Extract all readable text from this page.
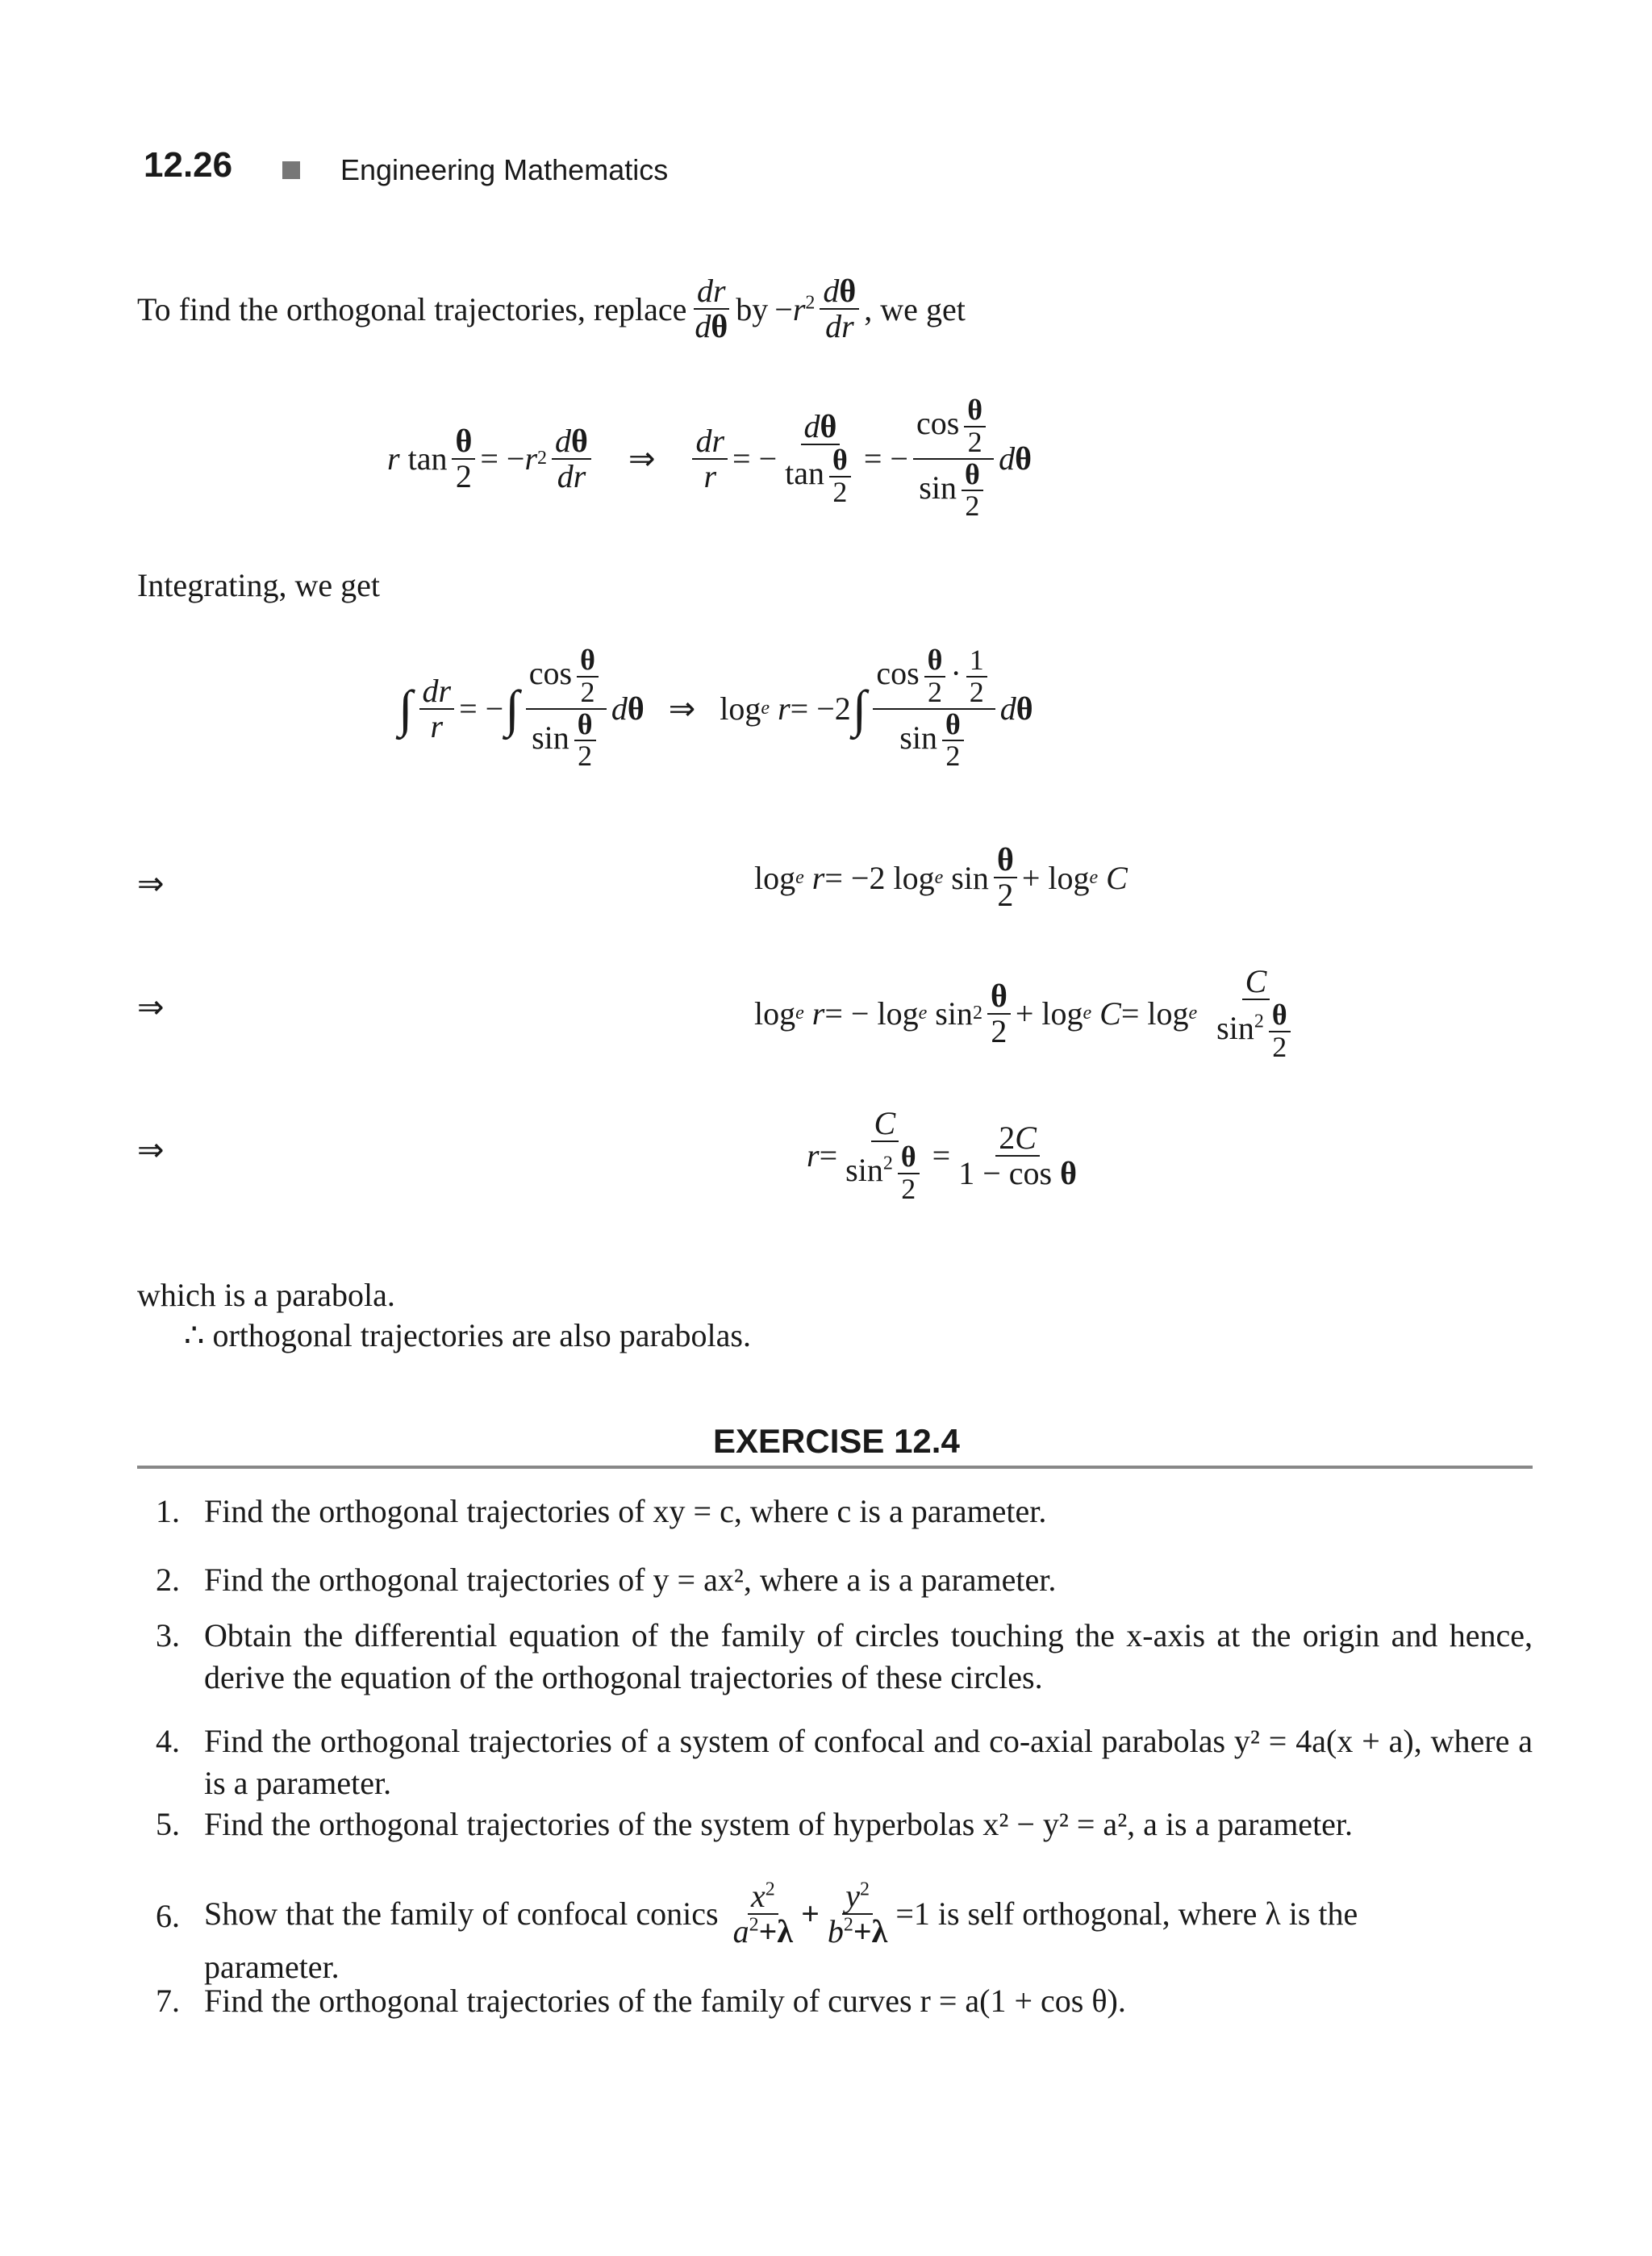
12.26	Engineering Mathematics
To find the orthogonal trajectories, replace $\frac{dr}{d\theta}$ by $-r^2 \frac{d\theta}{dr}$ , we get
r $\tan \frac{\theta}{2}$ = − r $2 \frac{d\theta}{dr}$ ⇒ $\frac{dr}{r}$ = − $\frac{d\theta}{\tan \frac{\theta}{2}}$ = − $\frac{\cos \frac{\theta}{2}}{\sin \frac{\theta}{2}}$ d θ
Integrating, we get
∫ $\frac{dr}{r}$ = − ∫ $\frac{\cos \frac{\theta}{2}}{\sin \frac{\theta}{2}}$ d θ ⇒ log e
r = −2 ∫ $\frac{\cos \frac{\theta}{2} \cdot \frac{1}{2}}{\sin \frac{\theta}{2}}$ d θ
⇒	log e
r = −2 log e $\sin \frac{\theta}{2} + \log e$
C
⇒	log e
r = − log e $\sin 2 \frac{\theta}{2} + \log e$
C = log e $\frac{C}{\sin^2 \frac{\theta}{2}}$
⇒	$r = \frac{C}{\sin^2 \frac{\theta}{2}} = \frac{2C}{\text{1 − cos θ}}$
which is a parabola.
∴ orthogonal trajectories are also parabolas.
EXERCISE 12.4
1. Find the orthogonal trajectories of xy = c, where c is a parameter.
2. Find the orthogonal trajectories of y = ax², where a is a parameter.
3. Obtain the differential equation of the family of circles touching the x-axis at the origin and hence, derive the equation of the orthogonal trajectories of these circles.
4. Find the orthogonal trajectories of a system of confocal and co-axial parabolas y² = 4a(x + a), where a is a parameter.
5. Find the orthogonal trajectories of the system of hyperbolas x² − y² = a², a is a parameter.
6. Show that the family of confocal conics $\frac{x^2}{a^2+\lambda} + \frac{y^2}{b^2+\lambda} =1$ is self orthogonal, where λ is the
parameter.
7. Find the orthogonal trajectories of the family of curves r = a(1 + cos θ).
